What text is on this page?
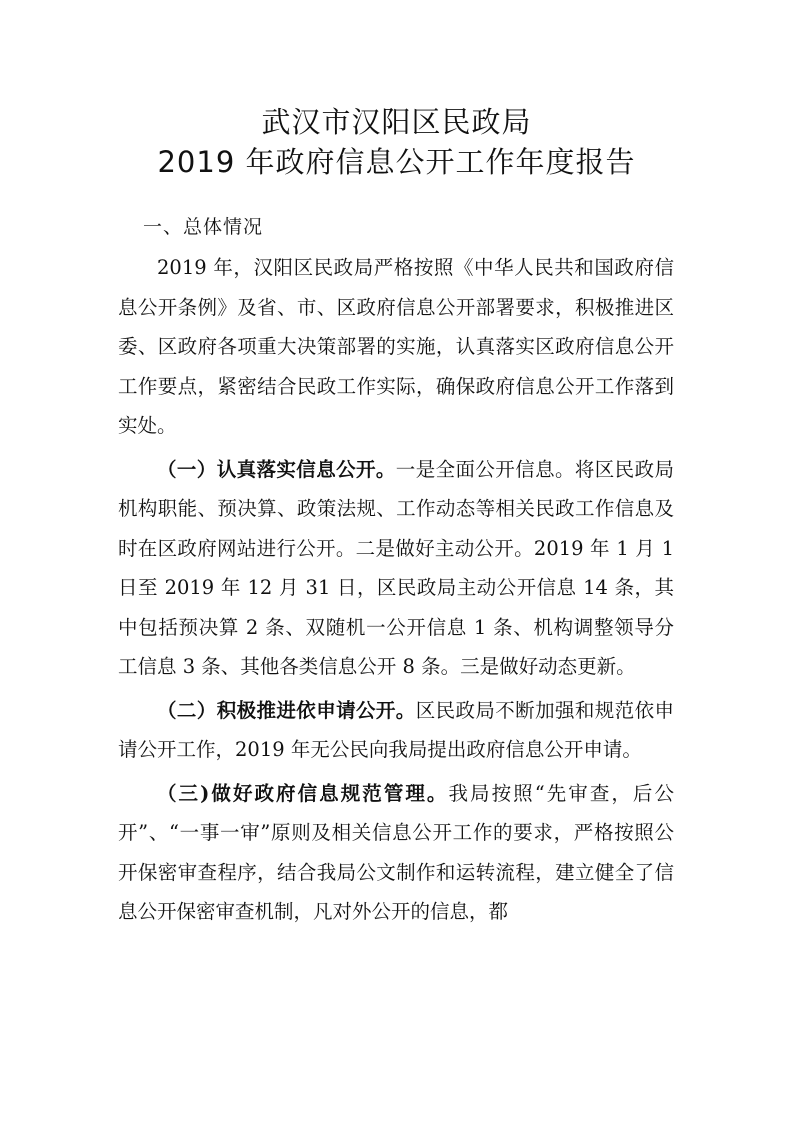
武汉市汉阳区民政局
2019 年政府信息公开工作年度报告
一、总体情况

2019 年，汉阳区民政局严格按照《中华人民共和国政府信息公开条例》及省、市、区政府信息公开部署要求，积极推进区委、区政府各项重大决策部署的实施，认真落实区政府信息公开工作要点，紧密结合民政工作实际，确保政府信息公开工作落到实处。

（一）认真落实信息公开。一是全面公开信息。将区民政局机构职能、预决算、政策法规、工作动态等相关民政工作信息及时在区政府网站进行公开。二是做好主动公开。2019 年 1 月 1 日至 2019 年 12 月 31 日，区民政局主动公开信息 14 条，其中包括预决算 2 条、双随机一公开信息 1 条、机构调整领导分工信息 3 条、其他各类信息公开 8 条。三是做好动态更新。

（二）积极推进依申请公开。区民政局不断加强和规范依申请公开工作，2019 年无公民向我局提出政府信息公开申请。

（三)做好政府信息规范管理。我局按照“先审查，后公开”、“一事一审”原则及相关信息公开工作的要求，严格按照公开保密审查程序，结合我局公文制作和运转流程，建立健全了信息公开保密审查机制，凡对外公开的信息，都
